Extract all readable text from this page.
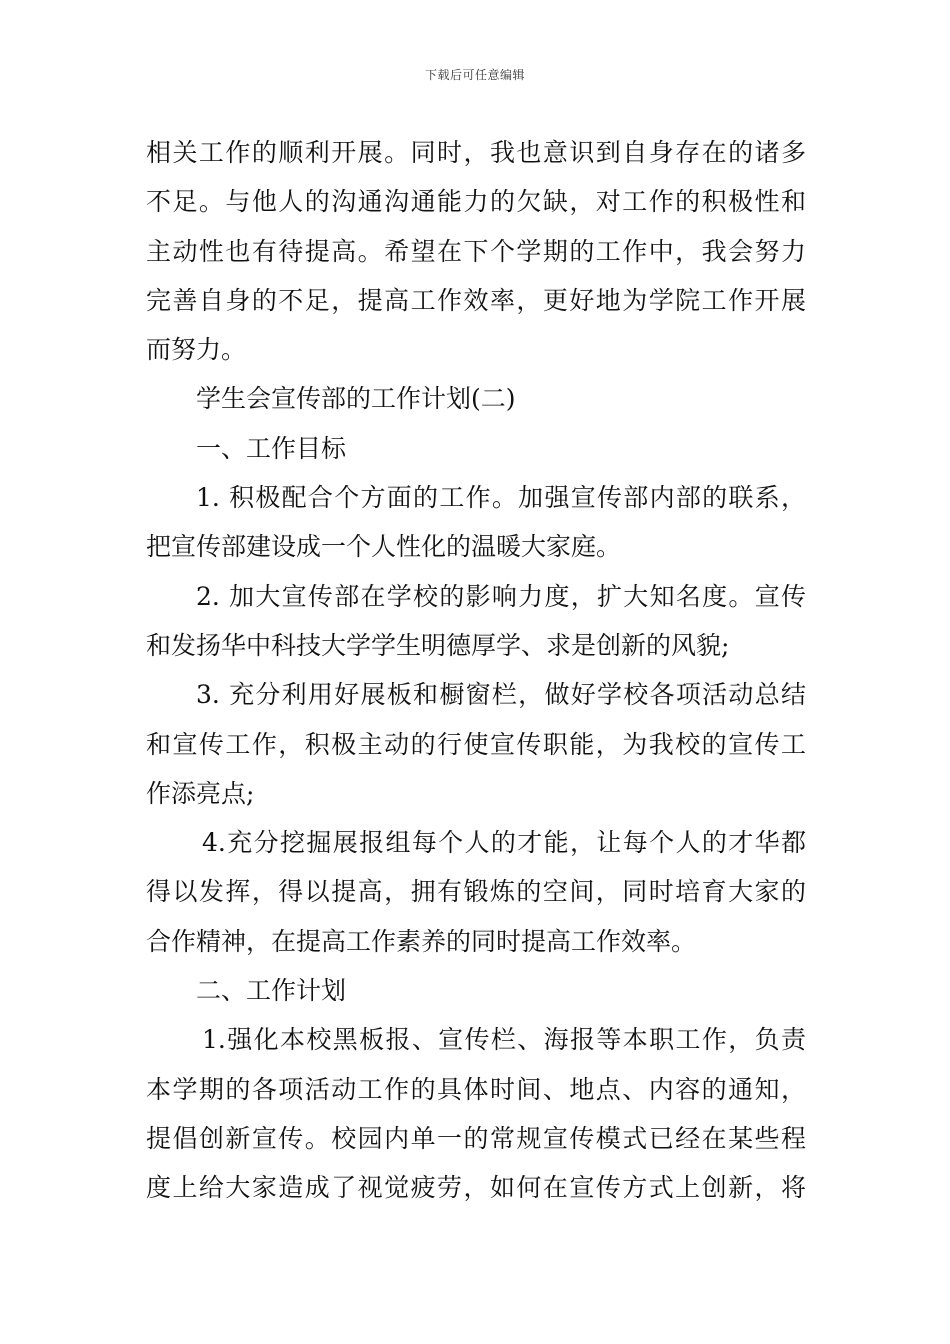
下载后可任意编辑
相关工作的顺利开展。同时，我也意识到自身存在的诸多
不足。与他人的沟通沟通能力的欠缺，对工作的积极性和
主动性也有待提高。希望在下个学期的工作中，我会努力
完善自身的不足，提高工作效率，更好地为学院工作开展
而努力。
学生会宣传部的工作计划(二)
一、工作目标
1. 积极配合个方面的工作。加强宣传部内部的联系，
把宣传部建设成一个人性化的温暖大家庭。
2. 加大宣传部在学校的影响力度，扩大知名度。宣传
和发扬华中科技大学学生明德厚学、求是创新的风貌;
3. 充分利用好展板和橱窗栏，做好学校各项活动总结
和宣传工作，积极主动的行使宣传职能，为我校的宣传工
作添亮点;
4.充分挖掘展报组每个人的才能，让每个人的才华都
得以发挥，得以提高，拥有锻炼的空间，同时培育大家的
合作精神，在提高工作素养的同时提高工作效率。
二、工作计划
1.强化本校黑板报、宣传栏、海报等本职工作，负责
本学期的各项活动工作的具体时间、地点、内容的通知，
提倡创新宣传。校园内单一的常规宣传模式已经在某些程
度上给大家造成了视觉疲劳，如何在宣传方式上创新，将
